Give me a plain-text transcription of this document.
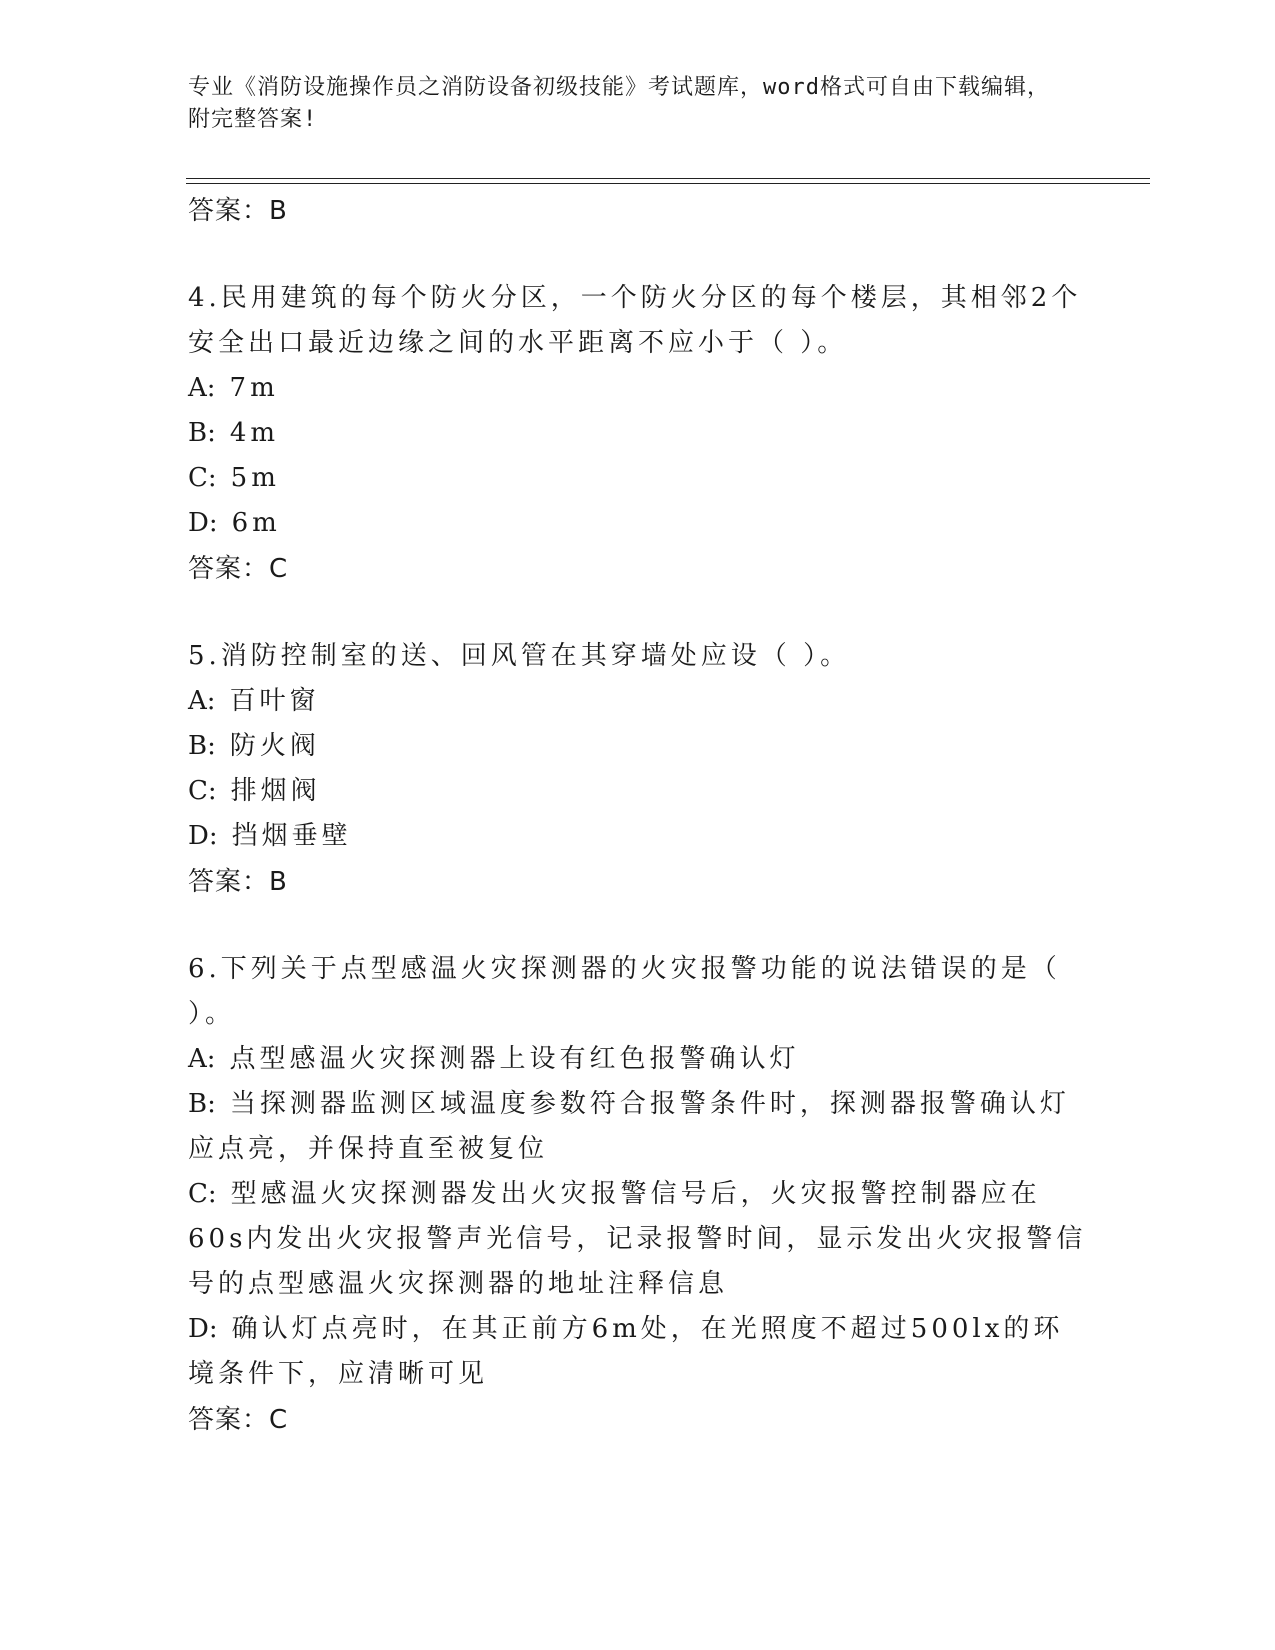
专业《消防设施操作员之消防设备初级技能》考试题库，word格式可自由下载编辑，附完整答案!
答案：B
4.民用建筑的每个防火分区，一个防火分区的每个楼层，其相邻2个安全出口最近边缘之间的水平距离不应小于（ ）。
A: 7m
B: 4m
C: 5m
D: 6m
答案：C
5.消防控制室的送、回风管在其穿墙处应设（ ）。
A: 百叶窗
B: 防火阀
C: 排烟阀
D: 挡烟垂壁
答案：B
6.下列关于点型感温火灾探测器的火灾报警功能的说法错误的是（ ）。
A: 点型感温火灾探测器上设有红色报警确认灯
B: 当探测器监测区域温度参数符合报警条件时，探测器报警确认灯应点亮，并保持直至被复位
C: 型感温火灾探测器发出火灾报警信号后，火灾报警控制器应在60s内发出火灾报警声光信号，记录报警时间，显示发出火灾报警信号的点型感温火灾探测器的地址注释信息
D: 确认灯点亮时，在其正前方6m处，在光照度不超过500lx的环境条件下，应清晰可见
答案：C
